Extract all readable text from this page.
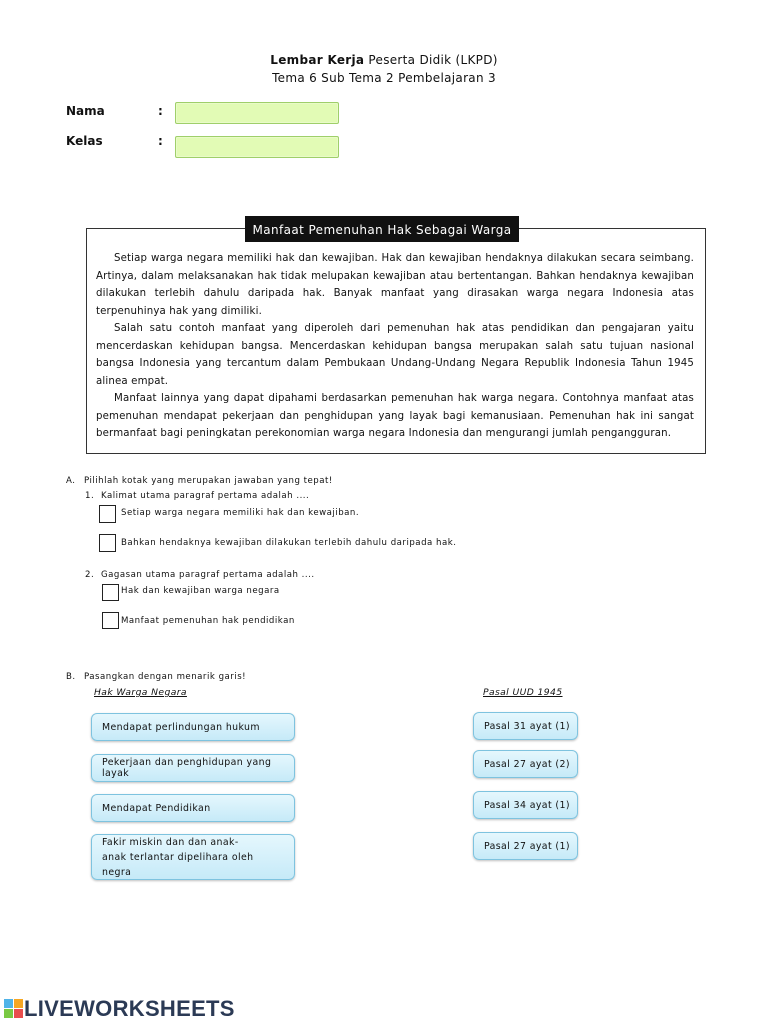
Lembar Kerja Peserta Didik (LKPD)
Tema 6 Sub Tema 2 Pembelajaran 3
Nama	:
Kelas	:
Manfaat Pemenuhan Hak Sebagai Warga

Setiap warga negara memiliki hak dan kewajiban. Hak dan kewajiban hendaknya dilakukan secara seimbang. Artinya, dalam melaksanakan hak tidak melupakan kewajiban atau bertentangan. Bahkan hendaknya kewajiban dilakukan terlebih dahulu daripada hak. Banyak manfaat yang dirasakan warga negara Indonesia atas terpenuhinya hak yang dimiliki.

Salah satu contoh manfaat yang diperoleh dari pemenuhan hak atas pendidikan dan pengajaran yaitu mencerdaskan kehidupan bangsa. Mencerdaskan kehidupan bangsa merupakan salah satu tujuan nasional bangsa Indonesia yang tercantum dalam Pembukaan Undang-Undang Negara Republik Indonesia Tahun 1945 alinea empat.

Manfaat lainnya yang dapat dipahami berdasarkan pemenuhan hak warga negara. Contohnya manfaat atas pemenuhan mendapat pekerjaan dan penghidupan yang layak bagi kemanusiaan. Pemenuhan hak ini sangat bermanfaat bagi peningkatan perekonomian warga negara Indonesia dan mengurangi jumlah pengangguran.

A. Pilihlah kotak yang merupakan jawaban yang tepat!
1. Kalimat utama paragraf pertama adalah ....
Setiap warga negara memiliki hak dan kewajiban.
Bahkan hendaknya kewajiban dilakukan terlebih dahulu daripada hak.
2. Gagasan utama paragraf pertama adalah ....
Hak dan kewajiban warga negara
Manfaat pemenuhan hak pendidikan
B. Pasangkan dengan menarik garis!
Hak Warga Negara	Pasal UUD 1945
Mendapat perlindungan hukum
Pekerjaan dan penghidupan yang layak
Mendapat Pendidikan
Fakir miskin dan dan anak-anak terlantar dipelihara oleh negra
Pasal 31 ayat (1)
Pasal 27 ayat (2)
Pasal 34 ayat (1)
Pasal 27 ayat (1)
LIVEWORKSHEETS
